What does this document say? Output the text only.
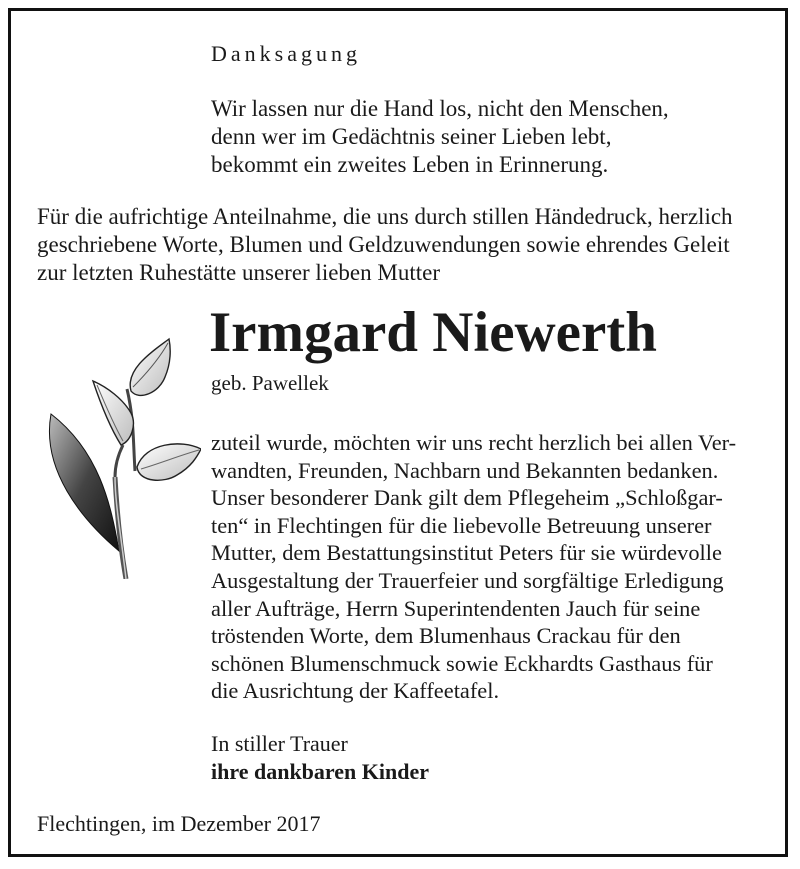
Danksagung
Wir lassen nur die Hand los, nicht den Menschen,
denn wer im Gedächtnis seiner Lieben lebt,
bekommt ein zweites Leben in Erinnerung.
Für die aufrichtige Anteilnahme, die uns durch stillen Händedruck, herzlich
geschriebene Worte, Blumen und Geldzuwendungen sowie ehrendes Geleit
zur letzten Ruhestätte unserer lieben Mutter
Irmgard Niewerth
geb. Pawellek
zuteil wurde, möchten wir uns recht herzlich bei allen Ver-
wandten, Freunden, Nachbarn und Bekannten bedanken.
Unser besonderer Dank gilt dem Pflegeheim „Schloßgar-
ten“ in Flechtingen für die liebevolle Betreuung unserer
Mutter, dem Bestattungsinstitut Peters für sie würdevolle
Ausgestaltung der Trauerfeier und sorgfältige Erledigung
aller Aufträge, Herrn Superintendenten Jauch für seine
tröstenden Worte, dem Blumenhaus Crackau für den
schönen Blumenschmuck sowie Eckhardts Gasthaus für
die Ausrichtung der Kaffeetafel.
In stiller Trauer
ihre dankbaren Kinder
Flechtingen, im Dezember 2017
